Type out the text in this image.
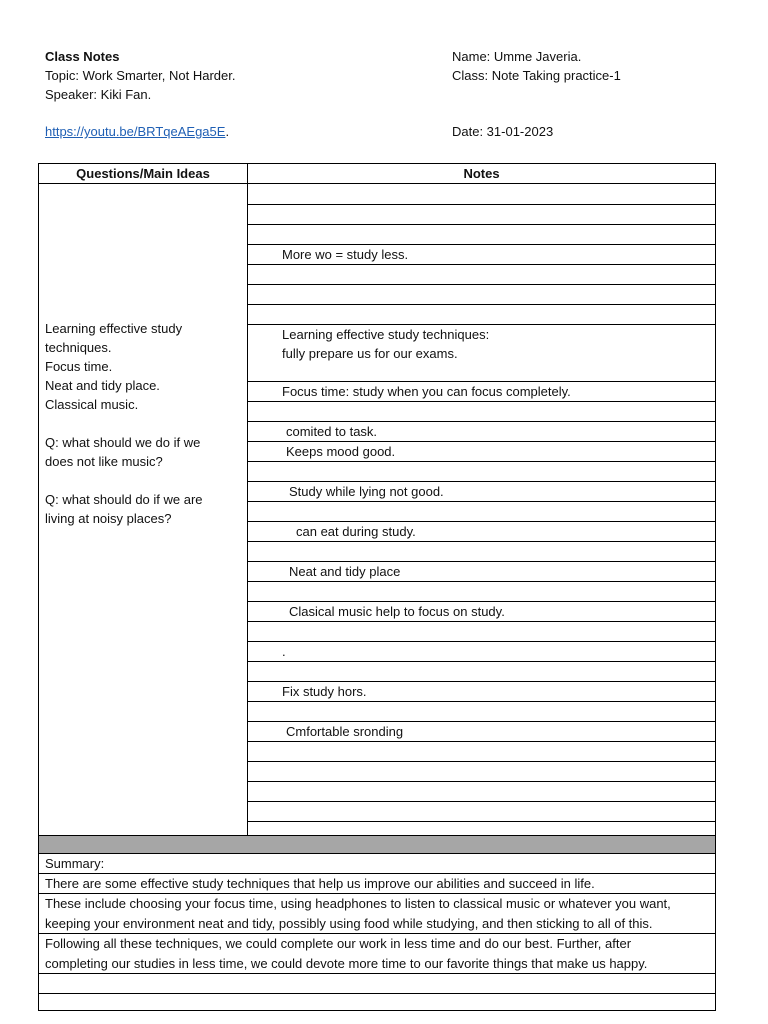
Class Notes
Topic: Work Smarter, Not Harder.
Speaker: Kiki Fan.
https://youtu.be/BRTqeAEga5E.
Name: Umme Javeria.
Class: Note Taking practice-1
Date: 31-01-2023
Questions/Main Ideas	Notes
Learning effective study
techniques.
Focus time.
Neat and tidy place.
Classical music.
Q: what should we do if we
does not like music?
Q: what should do if we are
living at noisy places?
More wo = study less.
Learning effective study techniques:
fully prepare us for our exams.
Focus time: study when you can focus completely.
comited to task.
Keeps mood good.
Study while lying not good.
can eat during study.
Neat and tidy place
Clasical music help to focus on study.
.
Fix study hors.
Cmfortable sronding
Summary:
There are some effective study techniques that help us improve our abilities and succeed in life.
These include choosing your focus time, using headphones to listen to classical music or whatever you want,
keeping your environment neat and tidy, possibly using food while studying, and then sticking to all of this.
Following all these techniques, we could complete our work in less time and do our best. Further, after
completing our studies in less time, we could devote more time to our favorite things that make us happy.
